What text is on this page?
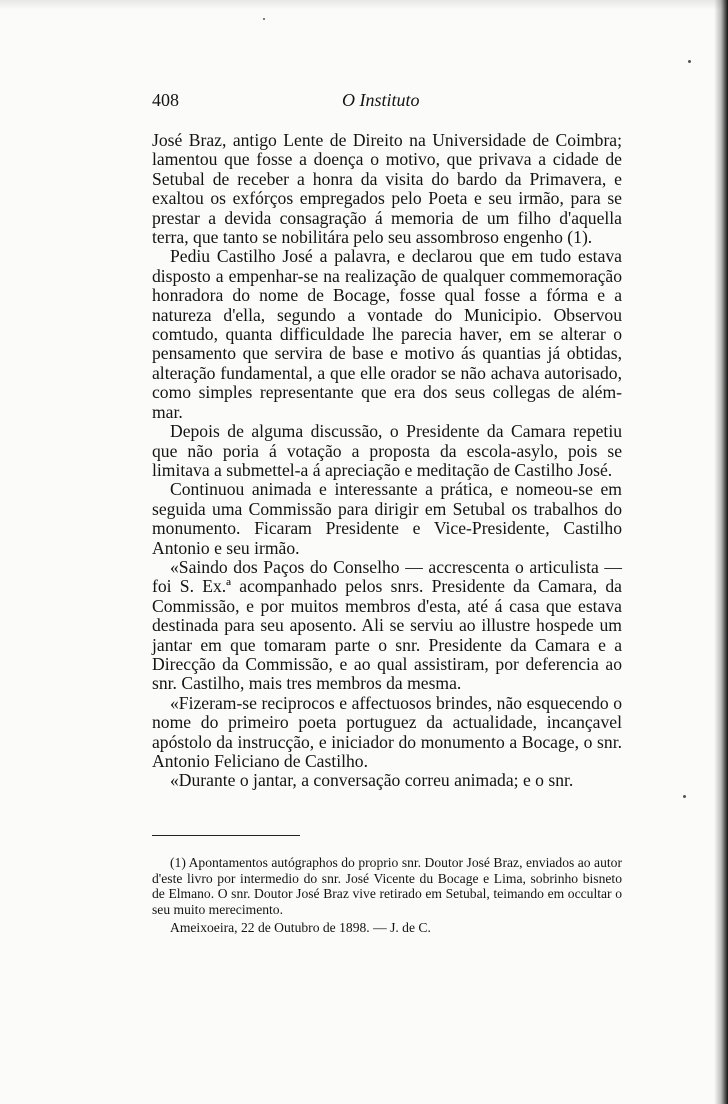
408	O Instituto

José Braz, antigo Lente de Direito na Universidade de Coimbra; lamentou que fosse a doença o motivo, que privava a cidade de Setubal de receber a honra da visita do bardo da Primavera, e exaltou os exfórços empregados pelo Poeta e seu irmão, para se prestar a devida consagração á memoria de um filho d'aquella terra, que tanto se nobilitára pelo seu assombroso engenho (1).

Pediu Castilho José a palavra, e declarou que em tudo estava disposto a empenhar-se na realização de qualquer commemoração honradora do nome de Bocage, fosse qual fosse a fórma e a natureza d'ella, segundo a vontade do Municipio. Observou comtudo, quanta difficuldade lhe parecia haver, em se alterar o pensamento que servira de base e motivo ás quantias já obtidas, alteração fundamental, a que elle orador se não achava autorisado, como simples representante que era dos seus collegas de além-mar.

Depois de alguma discussão, o Presidente da Camara repetiu que não poria á votação a proposta da escola-asylo, pois se limitava a submettel-a á apreciação e meditação de Castilho José.

Continuou animada e interessante a prática, e nomeou-se em seguida uma Commissão para dirigir em Setubal os trabalhos do monumento. Ficaram Presidente e Vice-Presidente, Castilho Antonio e seu irmão.

«Saindo dos Paços do Conselho — accrescenta o articulista — foi S. Ex.ª acompanhado pelos snrs. Presidente da Camara, da Commissão, e por muitos membros d'esta, até á casa que estava destinada para seu aposento. Ali se serviu ao illustre hospede um jantar em que tomaram parte o snr. Presidente da Camara e a Direcção da Commissão, e ao qual assistiram, por deferencia ao snr. Castilho, mais tres membros da mesma.

«Fizeram-se reciprocos e affectuosos brindes, não esquecendo o nome do primeiro poeta portuguez da actualidade, incançavel apóstolo da instrucção, e iniciador do monumento a Bocage, o snr. Antonio Feliciano de Castilho.

«Durante o jantar, a conversação correu animada; e o snr.

(1) Apontamentos autógraphos do proprio snr. Doutor José Braz, enviados ao autor d'este livro por intermedio do snr. José Vicente du Bocage e Lima, sobrinho bisneto de Elmano. O snr. Doutor José Braz vive retirado em Setubal, teimando em occultar o seu muito merecimento.

Ameixoeira, 22 de Outubro de 1898. — J. de C.
